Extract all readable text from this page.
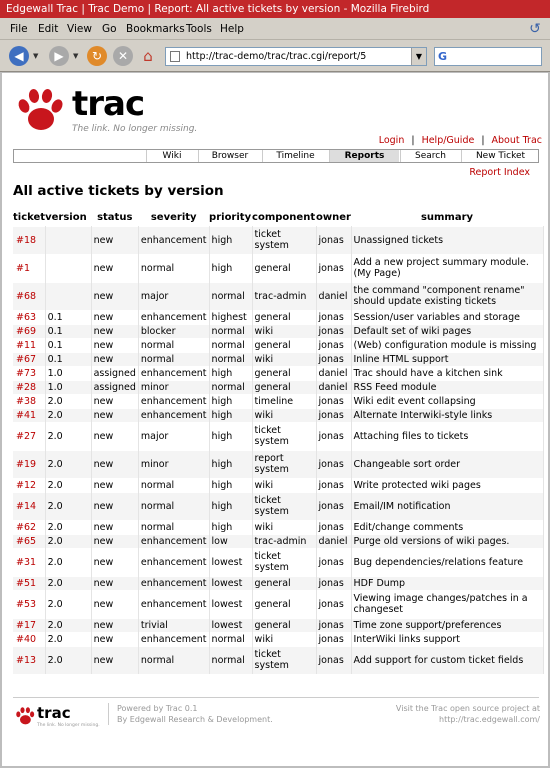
Edgewall Trac | Trac Demo | Report: All active tickets by version - Mozilla Firebird
File Edit View Go Bookmarks Tools Help	↺
◀	▼	▶	▼	↻	✕	⌂	http://trac-demo/trac/trac.cgi/report/5	▼	G
trac
The link. No longer missing.
Login | Help/Guide | About Trac
Wiki	Browser	Timeline	Reports	Search	New Ticket
Report Index
All active tickets by version
ticket	version	status	severity	priority	component	owner	summary
#18		new	enhancement	high	ticket system	jonas	Unassigned tickets
#1		new	normal	high	general	jonas	Add a new project summary module. (My Page)
#68		new	major	normal	trac-admin	daniel	the command "component rename" should update existing tickets
#63	0.1	new	enhancement	highest	general	jonas	Session/user variables and storage
#69	0.1	new	blocker	normal	wiki	jonas	Default set of wiki pages
#11	0.1	new	normal	normal	general	jonas	(Web) configuration module is missing
#67	0.1	new	normal	normal	wiki	jonas	Inline HTML support
#73	1.0	assigned	enhancement	high	general	daniel	Trac should have a kitchen sink
#28	1.0	assigned	minor	normal	general	daniel	RSS Feed module
#38	2.0	new	enhancement	high	timeline	jonas	Wiki edit event collapsing
#41	2.0	new	enhancement	high	wiki	jonas	Alternate Interwiki-style links
#27	2.0	new	major	high	ticket system	jonas	Attaching files to tickets
#19	2.0	new	minor	high	report system	jonas	Changeable sort order
#12	2.0	new	normal	high	wiki	jonas	Write protected wiki pages
#14	2.0	new	normal	high	ticket system	jonas	Email/IM notification
#62	2.0	new	normal	high	wiki	jonas	Edit/change comments
#65	2.0	new	enhancement	low	trac-admin	daniel	Purge old versions of wiki pages.
#31	2.0	new	enhancement	lowest	ticket system	jonas	Bug dependencies/relations feature
#51	2.0	new	enhancement	lowest	general	jonas	HDF Dump
#53	2.0	new	enhancement	lowest	general	jonas	Viewing image changes/patches in a changeset
#17	2.0	new	trivial	lowest	general	jonas	Time zone support/preferences
#40	2.0	new	enhancement	normal	wiki	jonas	InterWiki links support
#13	2.0	new	normal	normal	ticket system	jonas	Add support for custom ticket fields
trac
The link. No longer missing.
Powered by Trac 0.1
By Edgewall Research & Development.
Visit the Trac open source project at
http://trac.edgewall.com/
